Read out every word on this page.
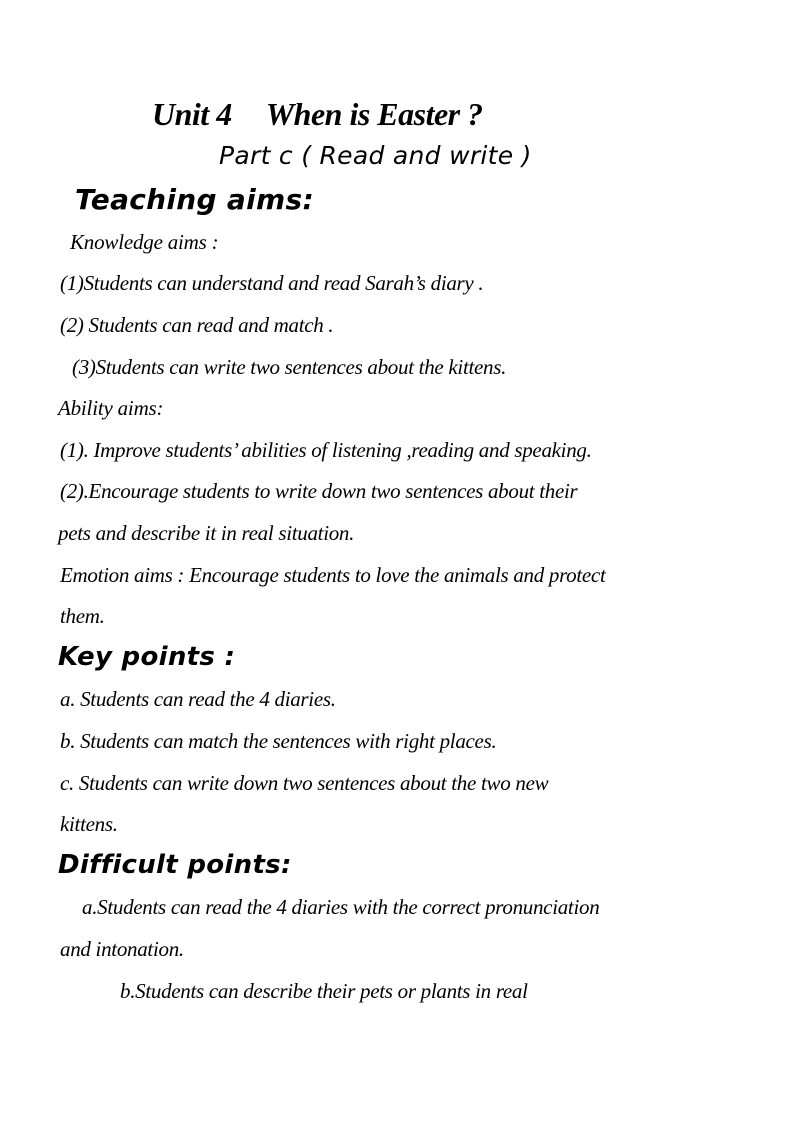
Unit 4 When is Easter ?
Part c ( Read and write )
Teaching aims:

Knowledge aims :

(1)Students can understand and read Sarah’s diary .

(2) Students can read and match .

(3)Students can write two sentences about the kittens.

Ability aims:

(1). Improve students’ abilities of listening ,reading and speaking.

(2).Encourage students to write down two sentences about their

pets and describe it in real situation.

Emotion aims : Encourage students to love the animals and protect

them.

Key points :

a. Students can read the 4 diaries.

b. Students can match the sentences with right places.

c. Students can write down two sentences about the two new

kittens.

Difficult points:

a.Students can read the 4 diaries with the correct pronunciation

and intonation.

b.Students can describe their pets or plants in real
